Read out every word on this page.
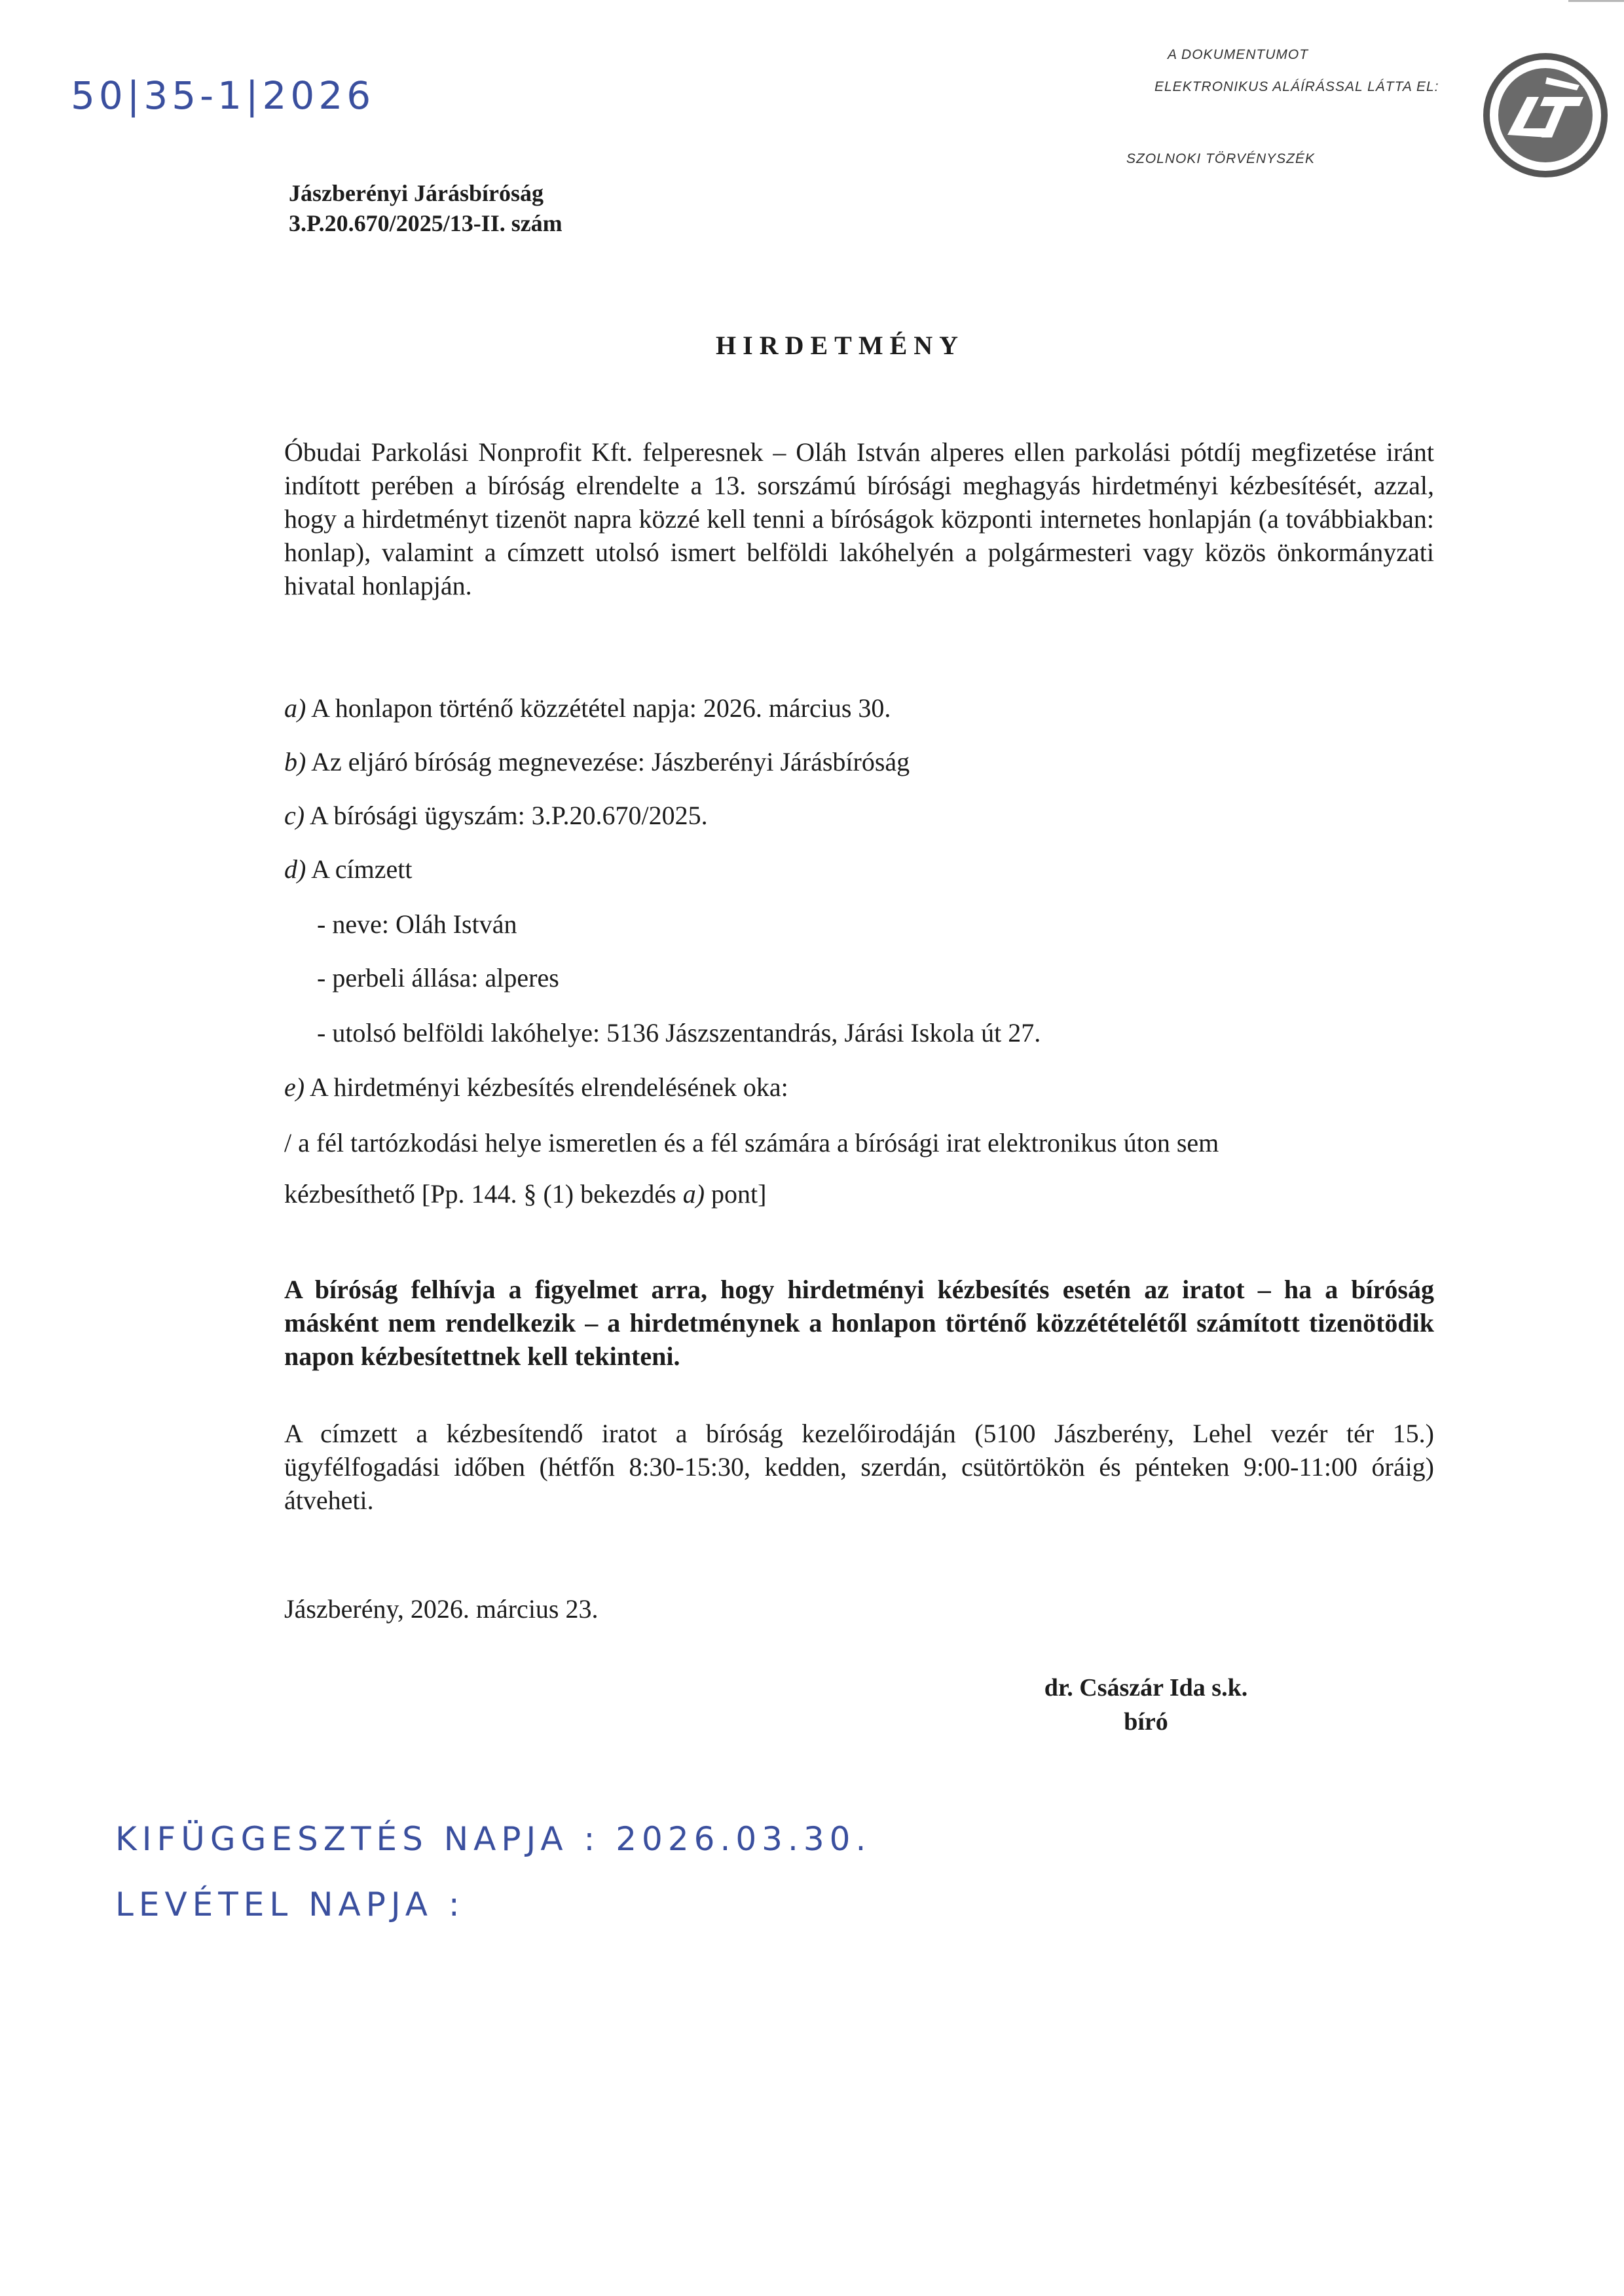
50|35-1|2026
A DOKUMENTUMOT
ELEKTRONIKUS ALÁÍRÁSSAL LÁTTA EL:
SZOLNOKI TÖRVÉNYSZÉK
Jászberényi Járásbíróság
3.P.20.670/2025/13-II. szám
HIRDETMÉNY
Óbudai Parkolási Nonprofit Kft. felperesnek – Oláh István alperes ellen parkolási pótdíj megfizetése iránt indított perében a bíróság elrendelte a 13. sorszámú bírósági meghagyás hirdetményi kézbesítését, azzal, hogy a hirdetményt tizenöt napra közzé kell tenni a bíróságok központi internetes honlapján (a továbbiakban: honlap), valamint a címzett utolsó ismert belföldi lakóhelyén a polgármesteri vagy közös önkormányzati hivatal honlapján.
a) A honlapon történő közzététel napja: 2026. március 30.
b) Az eljáró bíróság megnevezése: Jászberényi Járásbíróság
c) A bírósági ügyszám: 3.P.20.670/2025.
d) A címzett
- neve: Oláh István
- perbeli állása: alperes
- utolsó belföldi lakóhelye: 5136 Jászszentandrás, Járási Iskola út 27.
e) A hirdetményi kézbesítés elrendelésének oka:
/ a fél tartózkodási helye ismeretlen és a fél számára a bírósági irat elektronikus úton sem
kézbesíthető [Pp. 144. § (1) bekezdés a) pont]
A bíróság felhívja a figyelmet arra, hogy hirdetményi kézbesítés esetén az iratot – ha a bíróság másként nem rendelkezik – a hirdetménynek a honlapon történő közzétételétől számított tizenötödik napon kézbesítettnek kell tekinteni.
A címzett a kézbesítendő iratot a bíróság kezelőirodáján (5100 Jászberény, Lehel vezér tér 15.) ügyfélfogadási időben (hétfőn 8:30-15:30, kedden, szerdán, csütörtökön és pénteken 9:00-11:00 óráig) átveheti.
Jászberény, 2026. március 23.
dr. Császár Ida s.k.
bíró
KIFÜGGESZTÉS NAPJA : 2026.03.30.
LEVÉTEL NAPJA :
